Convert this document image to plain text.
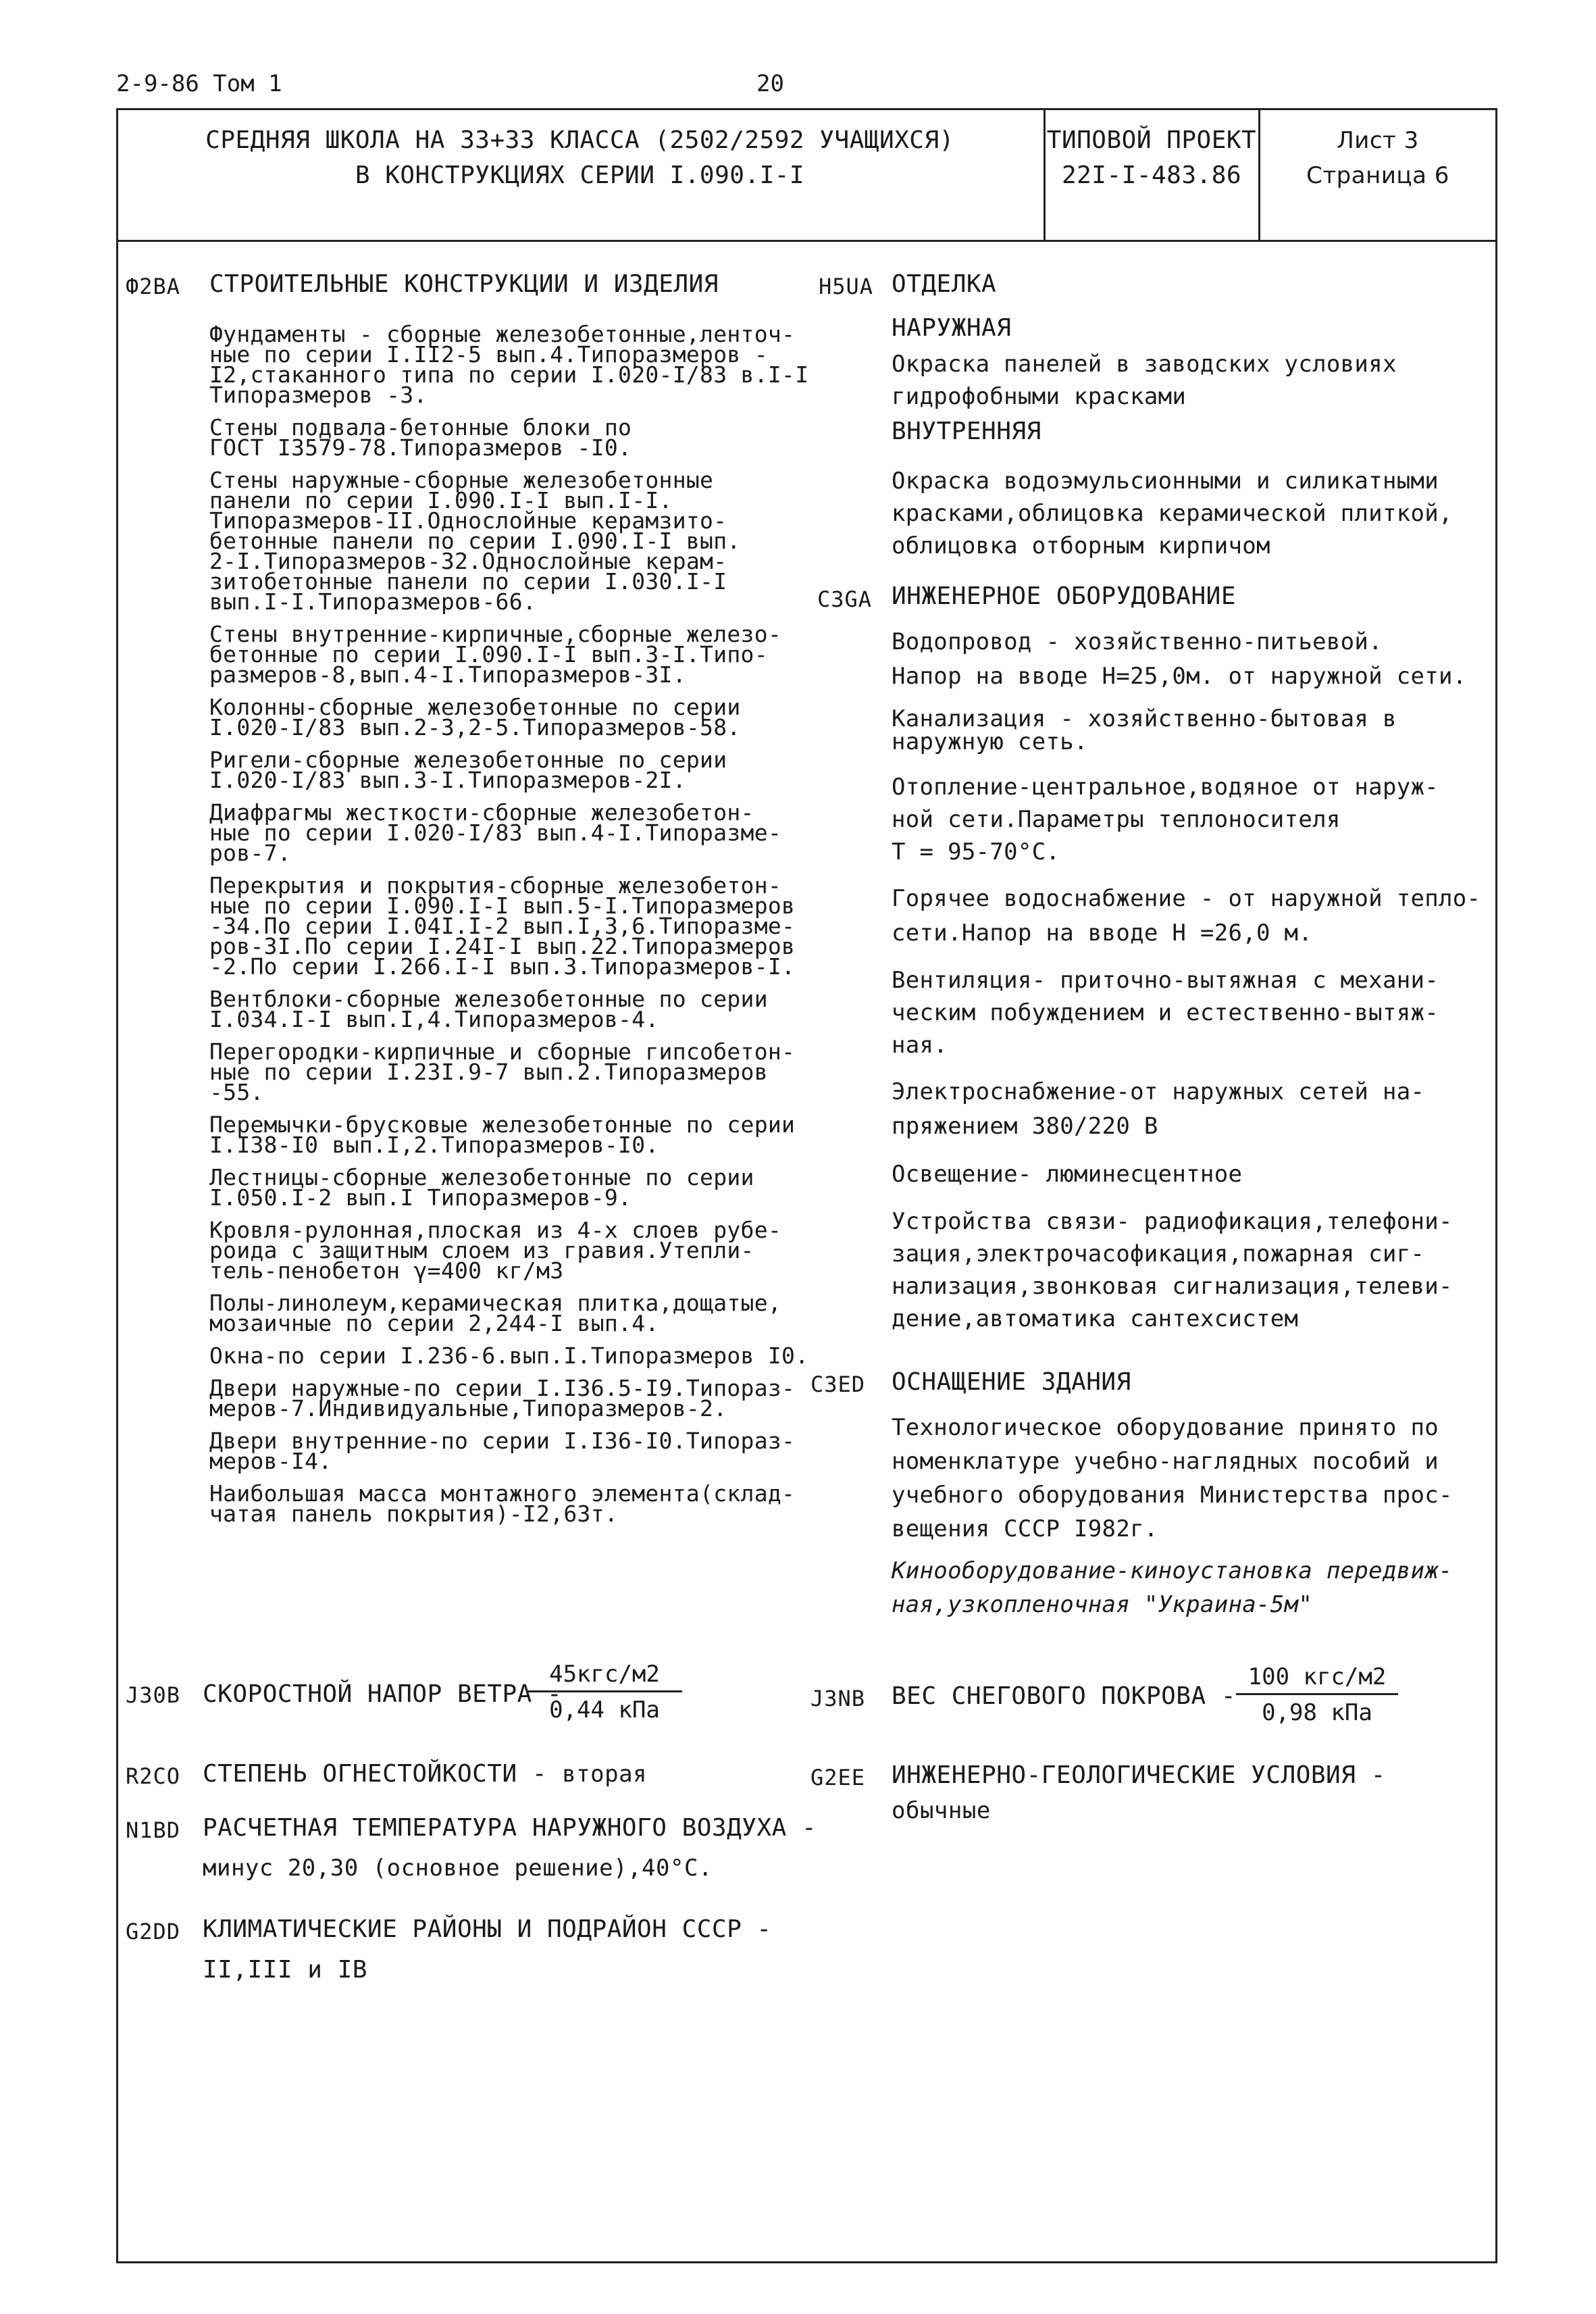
2-9-86 Том 1	20
СРЕДНЯЯ ШКОЛА НА 33+33 КЛАССА (2502/2592 УЧАЩИХСЯ)
В КОНСТРУКЦИЯХ СЕРИИ I.090.I-I
ТИПОВОЙ ПРОЕКТ
22I-I-483.86
Лист 3
Страница 6
Ф2ВА СТРОИТЕЛЬНЫЕ КОНСТРУКЦИИ И ИЗДЕЛИЯ
Фундаменты - сборные железобетонные,ленточ-
ные по серии I.II2-5 вып.4.Типоразмеров -
I2,стаканного типа по серии I.020-I/83 в.I-I
Типоразмеров -3.
Стены подвала-бетонные блоки по
ГОСТ I3579-78.Типоразмеров -I0.
Стены наружные-сборные железобетонные
панели по серии I.090.I-I вып.I-I.
Типоразмеров-II.Однослойные керамзито-
бетонные панели по серии I.090.I-I вып.
2-I.Типоразмеров-32.Однослойные керам-
зитобетонные панели по серии I.030.I-I
вып.I-I.Типоразмеров-66.
Стены внутренние-кирпичные,сборные железо-
бетонные по серии I.090.I-I вып.3-I.Типо-
размеров-8,вып.4-I.Типоразмеров-3I.
Колонны-сборные железобетонные по серии
I.020-I/83 вып.2-3,2-5.Типоразмеров-58.
Ригели-сборные железобетонные по серии
I.020-I/83 вып.3-I.Типоразмеров-2I.
Диафрагмы жесткости-сборные железобетон-
ные по серии I.020-I/83 вып.4-I.Типоразме-
ров-7.
Перекрытия и покрытия-сборные железобетон-
ные по серии I.090.I-I вып.5-I.Типоразмеров
-34.По серии I.04I.I-2 вып.I,3,6.Типоразме-
ров-3I.По серии I.24I-I вып.22.Типоразмеров
-2.По серии I.266.I-I вып.3.Типоразмеров-I.
Вентблоки-сборные железобетонные по серии
I.034.I-I вып.I,4.Типоразмеров-4.
Перегородки-кирпичные и сборные гипсобетон-
ные по серии I.23I.9-7 вып.2.Типоразмеров
-55.
Перемычки-брусковые железобетонные по серии
I.I38-I0 вып.I,2.Типоразмеров-I0.
Лестницы-сборные железобетонные по серии
I.050.I-2 вып.I Типоразмеров-9.
Кровля-рулонная,плоская из 4-х слоев рубе-
роида с защитным слоем из гравия.Утепли-
тель-пенобетон γ=400 кг/м3
Полы-линолеум,керамическая плитка,дощатые,
мозаичные по серии 2,244-I вып.4.
Окна-по серии I.236-6.вып.I.Типоразмеров I0.
Двери наружные-по серии I.I36.5-I9.Типораз-
меров-7.Индивидуальные,Типоразмеров-2.
Двери внутренние-по серии I.I36-I0.Типораз-
меров-I4.
Наибольшая масса монтажного элемента(склад-
чатая панель покрытия)-I2,63т.
J30В СКОРОСТНОЙ НАПОР ВЕТРА -
45кгс/м2
0,44 кПа
R2СО СТЕПЕНЬ ОГНЕСТОЙКОСТИ - вторая
N1ВD РАСЧЕТНАЯ ТЕМПЕРАТУРА НАРУЖНОГО ВОЗДУХА -
минус 20,30 (основное решение),40°С.
G2DD КЛИМАТИЧЕСКИЕ РАЙОНЫ И ПОДРАЙОН СССР -
II,III и IВ
Н5UА ОТДЕЛКА
НАРУЖНАЯ
Окраска панелей в заводских условиях
гидрофобными красками
ВНУТРЕННЯЯ
Окраска водоэмульсионными и силикатными
красками,облицовка керамической плиткой,
облицовка отборным кирпичом
С3GА ИНЖЕНЕРНОЕ ОБОРУДОВАНИЕ
Водопровод - хозяйственно-питьевой.
Напор на вводе Н=25,0м. от наружной сети.
Канализация - хозяйственно-бытовая в
наружную сеть.
Отопление-центральное,водяное от наруж-
ной сети.Параметры теплоносителя
Т = 95-70°С.
Горячее водоснабжение - от наружной тепло-
сети.Напор на вводе Н =26,0 м.
Вентиляция- приточно-вытяжная с механи-
ческим побуждением и естественно-вытяж-
ная.
Электроснабжение-от наружных сетей на-
пряжением 380/220 В
Освещение- люминесцентное
Устройства связи- радиофикация,телефони-
зация,электрочасофикация,пожарная сиг-
нализация,звонковая сигнализация,телеви-
дение,автоматика сантехсистем
С3ЕD ОСНАЩЕНИЕ ЗДАНИЯ
Технологическое оборудование принято по
номенклатуре учебно-наглядных пособий и
учебного оборудования Министерства прос-
вещения СССР I982г.
Кинооборудование-киноустановка передвиж-
ная,узкопленочная "Украина-5м"
J3NВ ВЕС СНЕГОВОГО ПОКРОВА -
100 кгс/м2
0,98 кПа
G2ЕЕ ИНЖЕНЕРНО-ГЕОЛОГИЧЕСКИЕ УСЛОВИЯ -
обычные
